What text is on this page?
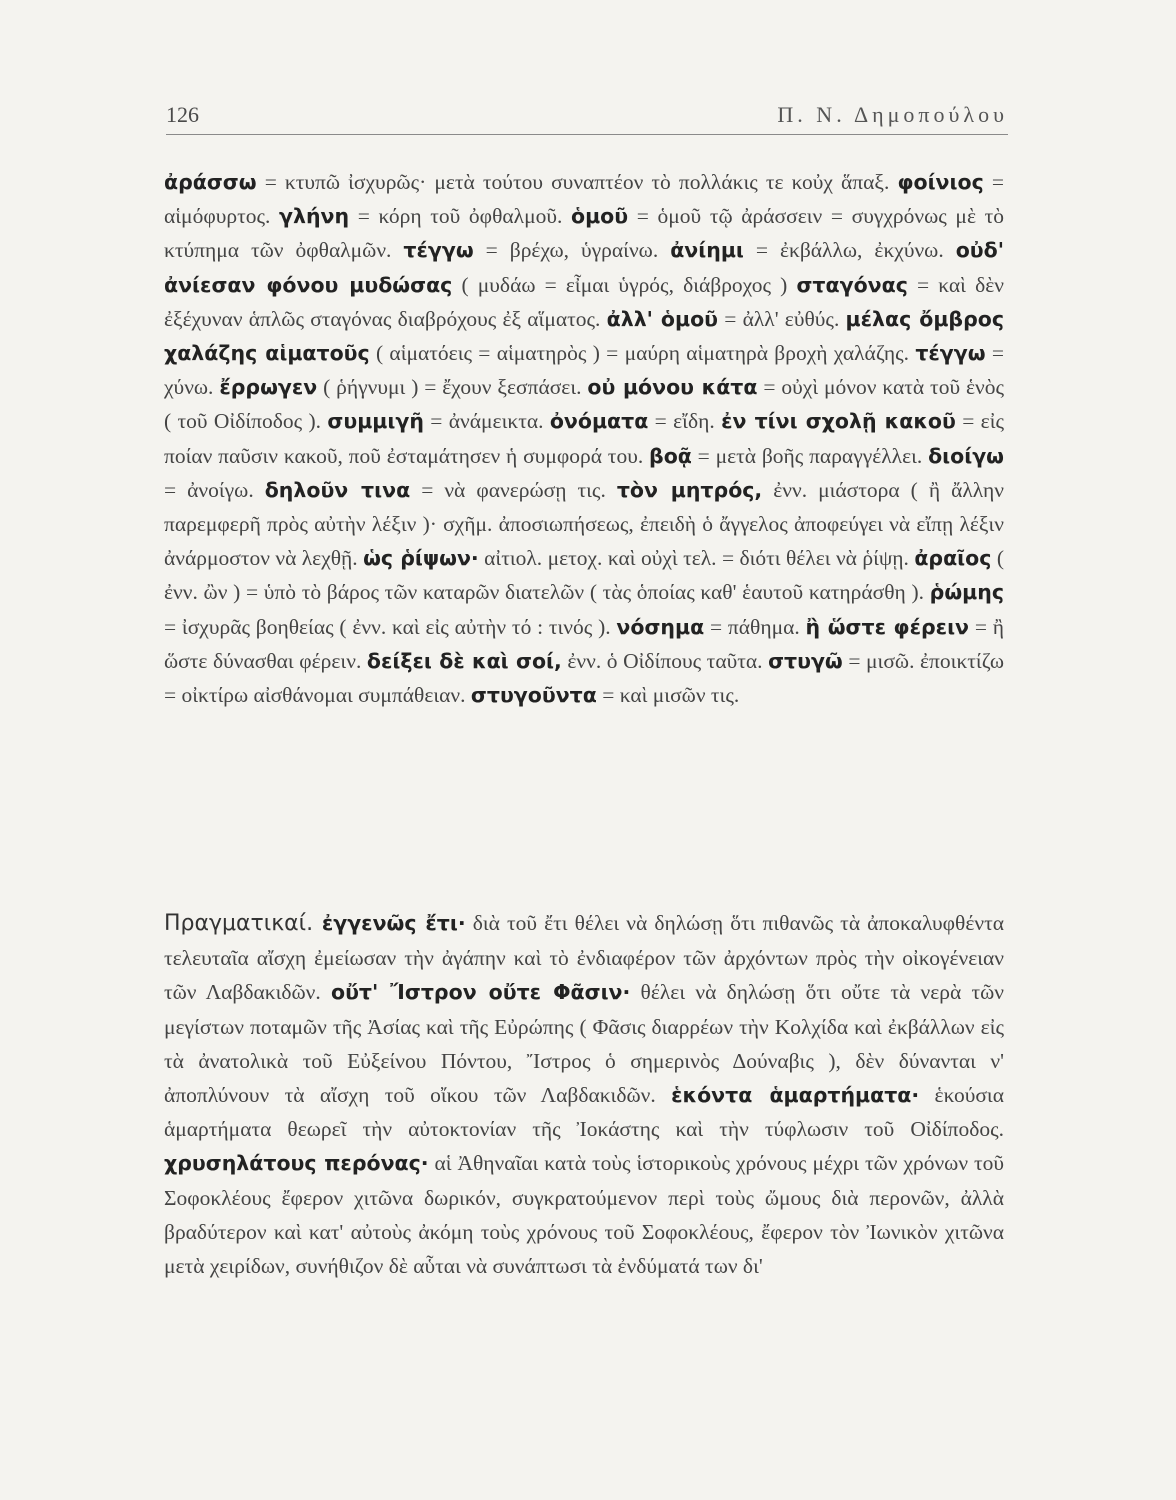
126	Π. Ν. Δημοπούλου
ἀράσσω = κτυπῶ ἰσχυρῶς· μετὰ τούτου συναπτέον τὸ πολλάκις τε κοὐχ ἅπαξ. φοίνιος = αἱμόφυρτος. γλήνη = κόρη τοῦ ὀφθαλμοῦ. ὁμοῦ = ὁμοῦ τῷ ἀράσσειν = συγχρόνως μὲ τὸ κτύπημα τῶν ὀφθαλμῶν. τέγγω = βρέχω, ὑγραίνω. ἀνίημι = ἐκβάλλω, ἐκχύνω. οὐδ' ἀνίεσαν φόνου μυδώσας ( μυδάω = εἶμαι ὑγρός, διάβροχος ) σταγόνας = καὶ δὲν ἐξέχυναν ἁπλῶς σταγόνας διαβρόχους ἐξ αἵματος. ἀλλ' ὁμοῦ = ἀλλ' εὐθύς. μέλας ὄμβρος χαλάζης αἱματοῦς ( αἱματόεις = αἱματηρὸς ) = μαύρη αἱματηρὰ βροχὴ χαλάζης. τέγγω = χύνω. ἔρρωγεν ( ῥήγνυμι ) = ἔχουν ξεσπάσει. οὐ μόνου κάτα = οὐχὶ μόνον κατὰ τοῦ ἑνὸς ( τοῦ Οἰδίποδος ). συμμιγῆ = ἀνάμεικτα. ὀνόματα = εἴδη. ἐν τίνι σχολῇ κακοῦ = εἰς ποίαν παῦσιν κακοῦ, ποῦ ἐσταμάτησεν ἡ συμφορά του. βοᾷ = μετὰ βοῆς παραγγέλλει. διοίγω = ἀνοίγω. δηλοῦν τινα = νὰ φανερώσῃ τις. τὸν μητρός, ἐνν. μιάστορα ( ἢ ἄλλην παρεμφερῆ πρὸς αὐτὴν λέξιν )· σχῆμ. ἀποσιωπήσεως, ἐπειδὴ ὁ ἄγγελος ἀποφεύγει νὰ εἴπῃ λέξιν ἀνάρμοστον νὰ λεχθῇ. ὡς ῥίψων· αἰτιολ. μετοχ. καὶ οὐχὶ τελ. = διότι θέλει νὰ ῥίψῃ. ἀραῖος ( ἐνν. ὢν ) = ὑπὸ τὸ βάρος τῶν καταρῶν διατελῶν ( τὰς ὁποίας καθ' ἑαυτοῦ κατηράσθη ). ῥώμης = ἰσχυρᾶς βοηθείας ( ἐνν. καὶ εἰς αὐτὴν τό : τινός ). νόσημα = πάθημα. ἢ ὥστε φέρειν = ἢ ὥστε δύνασθαι φέρειν. δείξει δὲ καὶ σοί, ἐνν. ὁ Οἰδίπους ταῦτα. στυγῶ = μισῶ. ἐποικτίζω = οἰκτίρω αἰσθάνομαι συμπάθειαν. στυγοῦντα = καὶ μισῶν τις.
Πραγματικαί. ἐγγενῶς ἔτι· διὰ τοῦ ἔτι θέλει νὰ δηλώσῃ ὅτι πιθανῶς τὰ ἀποκαλυφθέντα τελευταῖα αἴσχη ἐμείωσαν τὴν ἀγάπην καὶ τὸ ἐνδιαφέρον τῶν ἀρχόντων πρὸς τὴν οἰκογένειαν τῶν Λαβδακιδῶν. οὔτ' Ἴστρον οὔτε Φᾶσιν· θέλει νὰ δηλώσῃ ὅτι οὔτε τὰ νερὰ τῶν μεγίστων ποταμῶν τῆς Ἀσίας καὶ τῆς Εὐρώπης ( Φᾶσις διαρρέων τὴν Κολχίδα καὶ ἐκβάλλων εἰς τὰ ἀνατολικὰ τοῦ Εὐξείνου Πόντου, Ἴστρος ὁ σημερινὸς Δούναβις ), δὲν δύνανται ν' ἀποπλύνουν τὰ αἴσχη τοῦ οἴκου τῶν Λαβδακιδῶν. ἑκόντα ἁμαρτήματα· ἑκούσια ἁμαρτήματα θεωρεῖ τὴν αὐτοκτονίαν τῆς Ἰοκάστης καὶ τὴν τύφλωσιν τοῦ Οἰδίποδος. χρυσηλάτους περόνας· αἱ Ἀθηναῖαι κατὰ τοὺς ἱστορικοὺς χρόνους μέχρι τῶν χρόνων τοῦ Σοφοκλέους ἔφερον χιτῶνα δωρικόν, συγκρατούμενον περὶ τοὺς ὤμους διὰ περονῶν, ἀλλὰ βραδύτερον καὶ κατ' αὐτοὺς ἀκόμη τοὺς χρόνους τοῦ Σοφοκλέους, ἔφερον τὸν Ἰωνικὸν χιτῶνα μετὰ χειρίδων, συνήθιζον δὲ αὗται νὰ συνάπτωσι τὰ ἐνδύματά των δι'
